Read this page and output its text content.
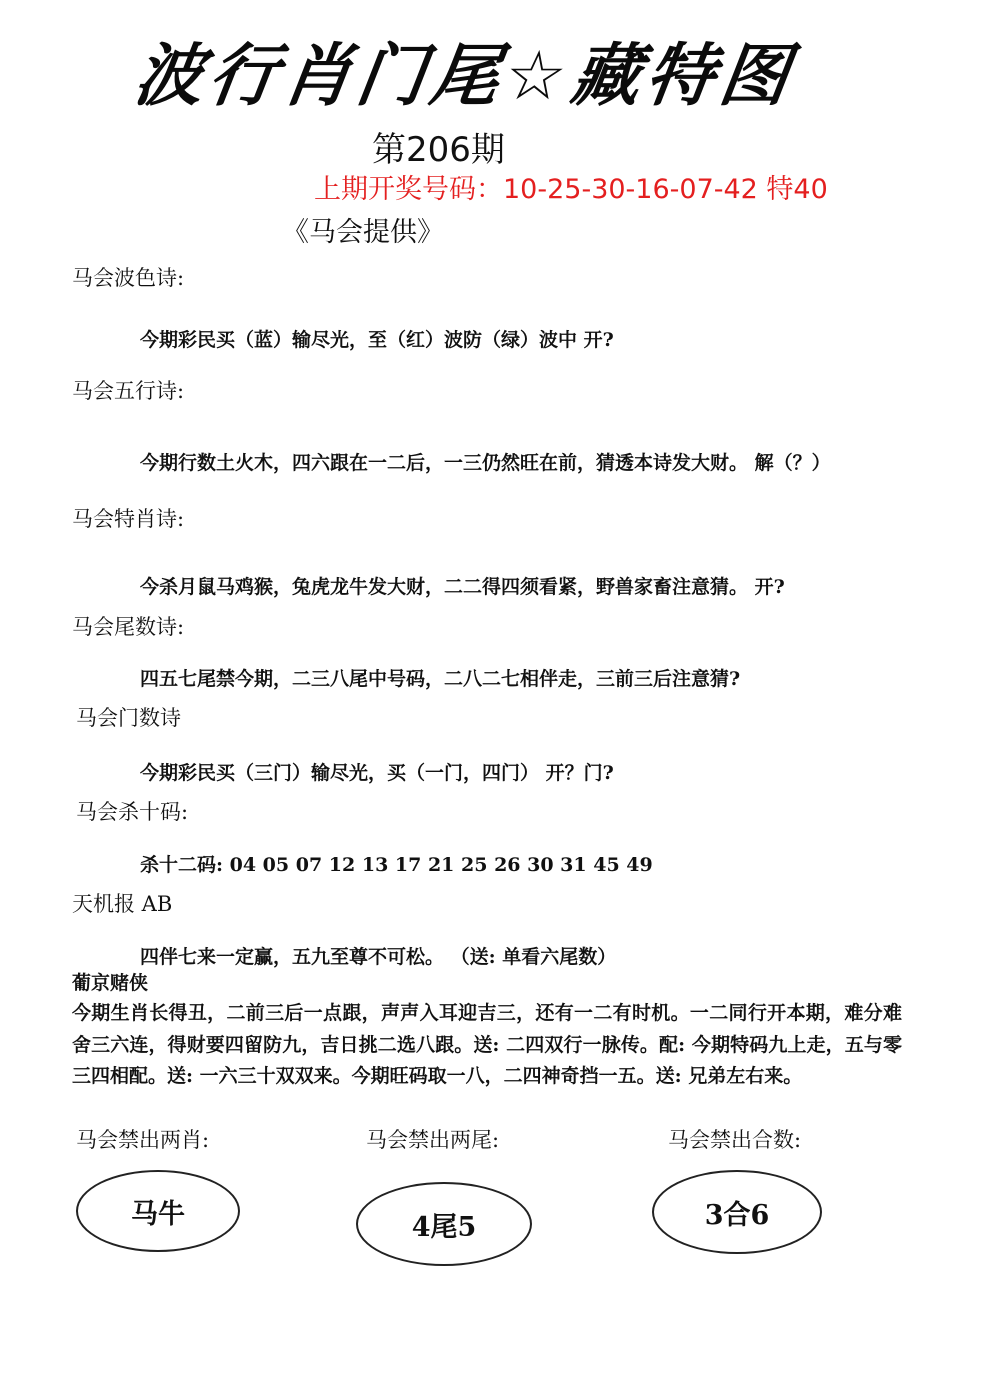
波行肖门尾☆藏特图
第206期
上期开奖号码：10-25-30-16-07-42 特40
《马会提供》
马会波色诗:
今期彩民买（蓝）输尽光，至（红）波防（绿）波中 开?
马会五行诗:
今期行数土火木，四六跟在一二后，一三仍然旺在前，猜透本诗发大财。 解（？）
马会特肖诗:
今杀月鼠马鸡猴，兔虎龙牛发大财，二二得四须看紧，野兽家畜注意猜。 开?
马会尾数诗:
四五七尾禁今期，二三八尾中号码，二八二七相伴走，三前三后注意猜?
马会门数诗
今期彩民买（三门）输尽光，买（一门，四门） 开？门?
马会杀十码:
杀十二码: 04 05 07 12 13 17 21 25 26 30 31 45 49
天机报 AB
四伴七来一定赢，五九至尊不可松。 （送: 单看六尾数）
葡京赌侠
今期生肖长得丑，二前三后一点跟，声声入耳迎吉三，还有一二有时机。一二同行开本期，难分难舍三六连，得财要四留防九，吉日挑二选八跟。送: 二四双行一脉传。配: 今期特码九上走，五与零三四相配。送: 一六三十双双来。今期旺码取一八，二四神奇挡一五。送: 兄弟左右来。
马会禁出两肖:	马会禁出两尾:	马会禁出合数:
马牛	4尾5	3合6
